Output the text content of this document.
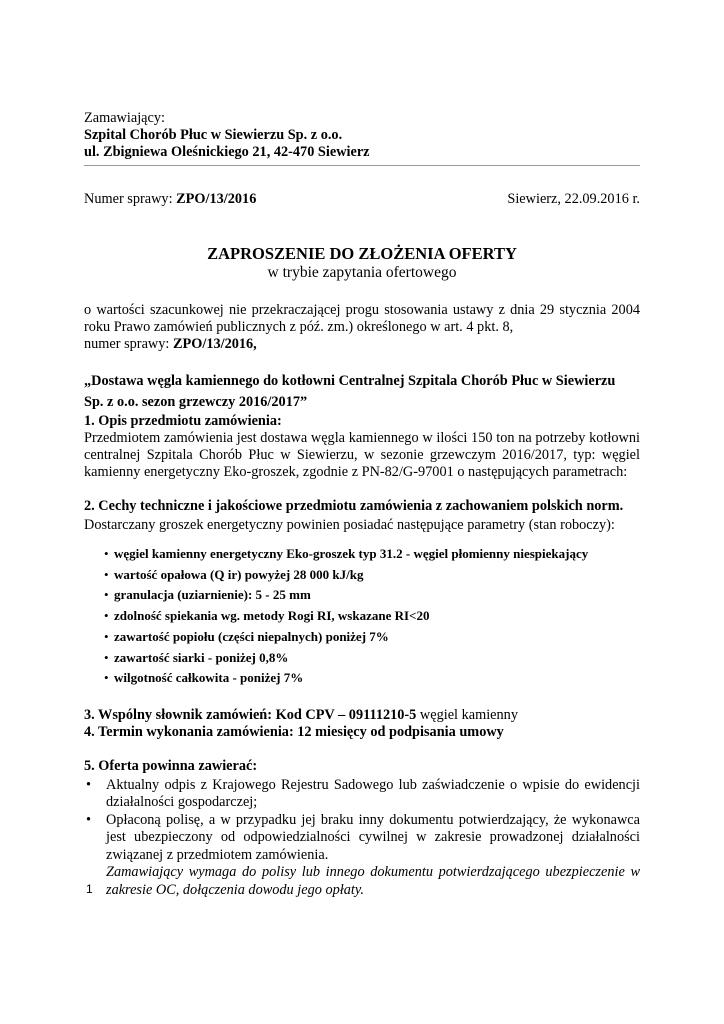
Zamawiający:
Szpital Chorób Płuc w Siewierzu Sp. z o.o.
ul. Zbigniewa Oleśnickiego 21, 42-470 Siewierz
Numer sprawy: ZPO/13/2016	Siewierz, 22.09.2016 r.
ZAPROSZENIE DO ZŁOŻENIA OFERTY
w trybie zapytania ofertowego
o wartości szacunkowej nie przekraczającej progu stosowania ustawy z dnia 29 stycznia 2004
roku Prawo zamówień publicznych z póź. zm.) określonego w art. 4 pkt. 8,
numer sprawy: ZPO/13/2016,
„Dostawa węgla kamiennego do kotłowni Centralnej Szpitala Chorób Płuc w Siewierzu
Sp. z o.o. sezon grzewczy 2016/2017”
1. Opis przedmiotu zamówienia:
Przedmiotem zamówienia jest dostawa węgla kamiennego w ilości 150 ton na potrzeby kotłowni
centralnej Szpitala Chorób Płuc w Siewierzu, w sezonie grzewczym 2016/2017, typ: węgiel
kamienny energetyczny Eko-groszek, zgodnie z PN-82/G-97001 o następujących parametrach:
2. Cechy techniczne i jakościowe przedmiotu zamówienia z zachowaniem polskich norm.
Dostarczany groszek energetyczny powinien posiadać następujące parametry (stan roboczy):
• węgiel kamienny energetyczny Eko-groszek typ 31.2 - węgiel płomienny niespiekający
• wartość opałowa (Q ir) powyżej 28 000 kJ/kg
• granulacja (uziarnienie): 5 - 25 mm
• zdolność spiekania wg. metody Rogi RI, wskazane RI<20
• zawartość popiołu (części niepalnych) poniżej 7%
• zawartość siarki - poniżej 0,8%
• wilgotność całkowita - poniżej 7%
3. Wspólny słownik zamówień: Kod CPV – 09111210-5 węgiel kamienny
4. Termin wykonania zamówienia: 12 miesięcy od podpisania umowy
5. Oferta powinna zawierać:
• Aktualny odpis z Krajowego Rejestru Sadowego lub zaświadczenie o wpisie do ewidencji
działalności gospodarczej;
• Opłaconą polisę, a w przypadku jej braku inny dokumentu potwierdzający, że wykonawca
jest ubezpieczony od odpowiedzialności cywilnej w zakresie prowadzonej działalności
związanej z przedmiotem zamówienia.
Zamawiający wymaga do polisy lub innego dokumentu potwierdzającego ubezpieczenie w
zakresie OC, dołączenia dowodu jego opłaty.
1
